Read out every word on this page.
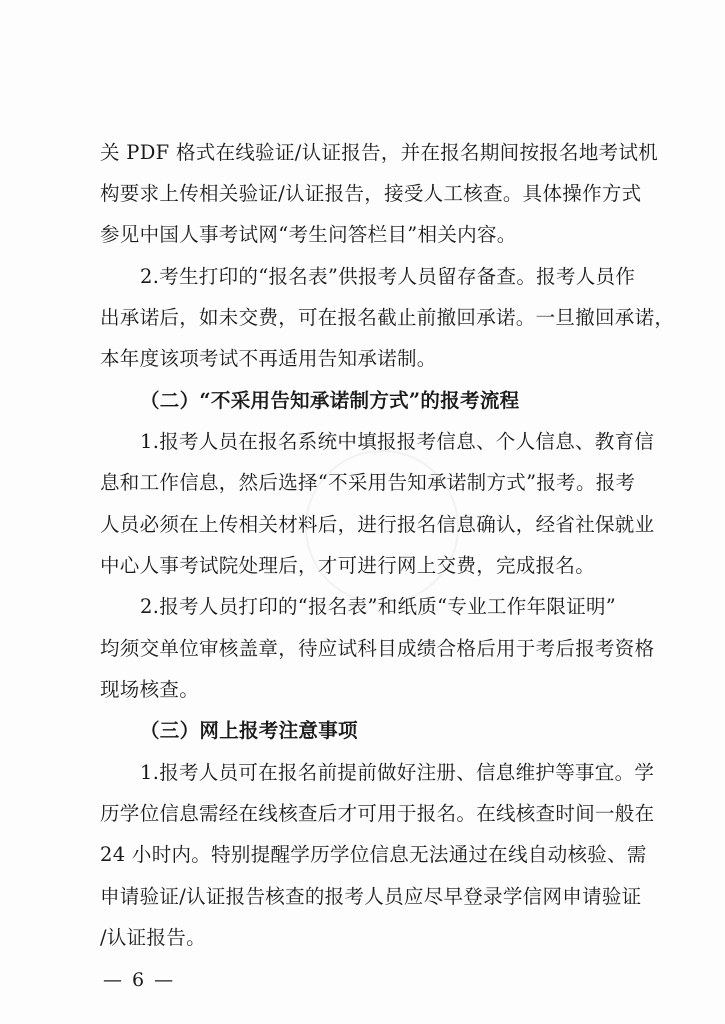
关 PDF 格式在线验证/认证报告，并在报名期间按报名地考试机
构要求上传相关验证/认证报告，接受人工核查。具体操作方式
参见中国人事考试网“考生问答栏目”相关内容。
2.考生打印的“报名表”供报考人员留存备查。报考人员作
出承诺后，如未交费，可在报名截止前撤回承诺。一旦撤回承诺，
本年度该项考试不再适用告知承诺制。
（二）“不采用告知承诺制方式”的报考流程
1.报考人员在报名系统中填报报考信息、个人信息、教育信
息和工作信息，然后选择“不采用告知承诺制方式”报考。报考
人员必须在上传相关材料后，进行报名信息确认，经省社保就业
中心人事考试院处理后，才可进行网上交费，完成报名。
2.报考人员打印的“报名表”和纸质“专业工作年限证明”
均须交单位审核盖章，待应试科目成绩合格后用于考后报考资格
现场核查。
（三）网上报考注意事项
1.报考人员可在报名前提前做好注册、信息维护等事宜。学
历学位信息需经在线核查后才可用于报名。在线核查时间一般在
24 小时内。特别提醒学历学位信息无法通过在线自动核验、需
申请验证/认证报告核查的报考人员应尽早登录学信网申请验证
/认证报告。
— 6 —
